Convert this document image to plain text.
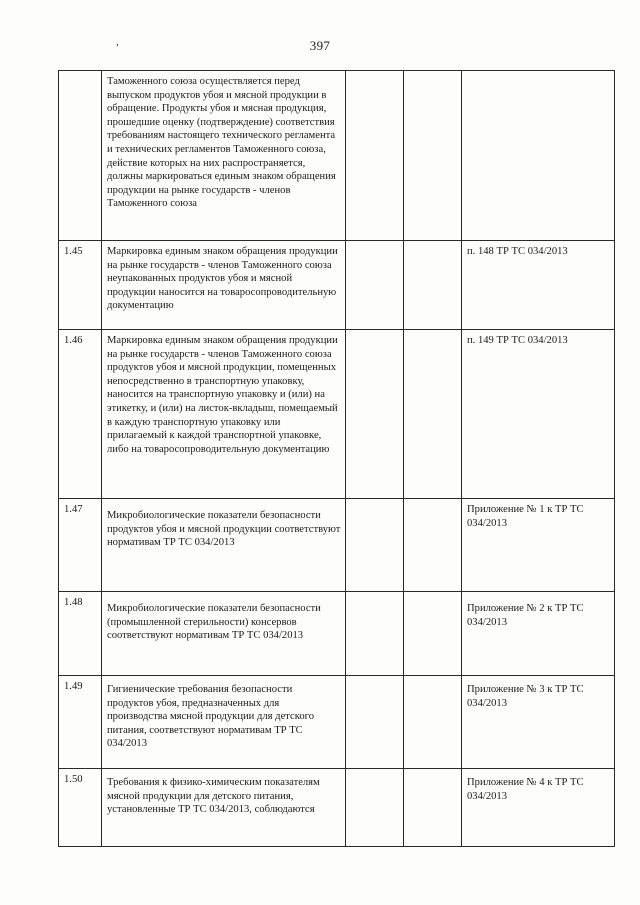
397
,
	Таможенного союза осуществляется перед выпуском продуктов убоя и мясной продукции в обращение. Продукты убоя и мясная продукция, прошедшие оценку (подтверждение) соответствия требованиям настоящего технического регламента и технических регламентов Таможенного союза, действие которых на них распространяется, должны маркироваться единым знаком обращения продукции на рынке государств - членов Таможенного союза			
1.45	Маркировка единым знаком обращения продукции на рынке государств - членов Таможенного союза неупакованных продуктов убоя и мясной продукции наносится на товаросопроводительную документацию			п. 148 ТР ТС 034/2013
1.46	Маркировка единым знаком обращения продукции на рынке государств - членов Таможенного союза продуктов убоя и мясной продукции, помещенных непосредственно в транспортную упаковку, наносится на транспортную упаковку и (или) на этикетку, и (или) на листок-вкладыш, помещаемый в каждую транспортную упаковку или прилагаемый к каждой транспортной упаковке, либо на товаросопроводительную документацию			п. 149 ТР ТС 034/2013
1.47	Микробиологические показатели безопасности продуктов убоя и мясной продукции соответствуют нормативам ТР ТС 034/2013			Приложение № 1 к ТР ТС 034/2013
1.48	Микробиологические показатели безопасности (промышленной стерильности) консервов соответствуют нормативам ТР ТС 034/2013			Приложение № 2 к ТР ТС 034/2013
1.49	Гигиенические требования безопасности продуктов убоя, предназначенных для производства мясной продукции для детского питания, соответствуют нормативам ТР ТС 034/2013			Приложение № 3 к ТР ТС 034/2013
1.50	Требования к физико-химическим показателям мясной продукции для детского питания, установленные ТР ТС 034/2013, соблюдаются			Приложение № 4 к ТР ТС 034/2013
